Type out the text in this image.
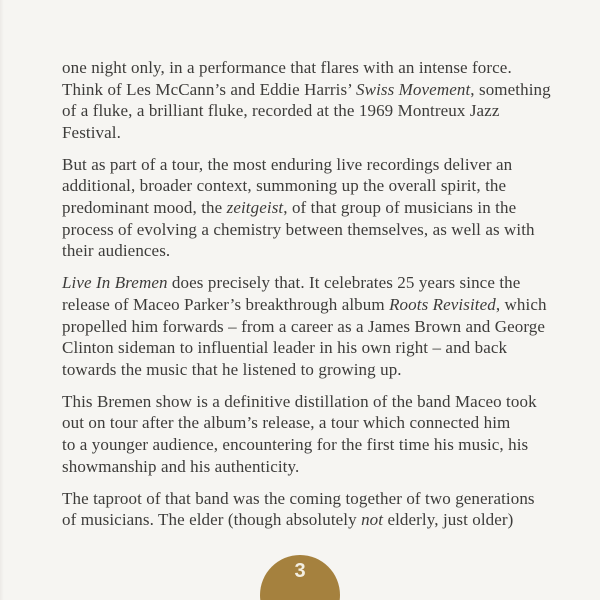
one night only, in a performance that flares with an intense force.
Think of Les McCann’s and Eddie Harris’ Swiss Movement, something
of a fluke, a brilliant fluke, recorded at the 1969 Montreux Jazz
Festival.
But as part of a tour, the most enduring live recordings deliver an
additional, broader context, summoning up the overall spirit, the
predominant mood, the zeitgeist, of that group of musicians in the
process of evolving a chemistry between themselves, as well as with
their audiences.
Live In Bremen does precisely that. It celebrates 25 years since the
release of Maceo Parker’s breakthrough album Roots Revisited, which
propelled him forwards – from a career as a James Brown and George
Clinton sideman to influential leader in his own right – and back
towards the music that he listened to growing up.
This Bremen show is a definitive distillation of the band Maceo took
out on tour after the album’s release, a tour which connected him
to a younger audience, encountering for the first time his music, his
showmanship and his authenticity.
The taproot of that band was the coming together of two generations
of musicians. The elder (though absolutely not elderly, just older)
3
